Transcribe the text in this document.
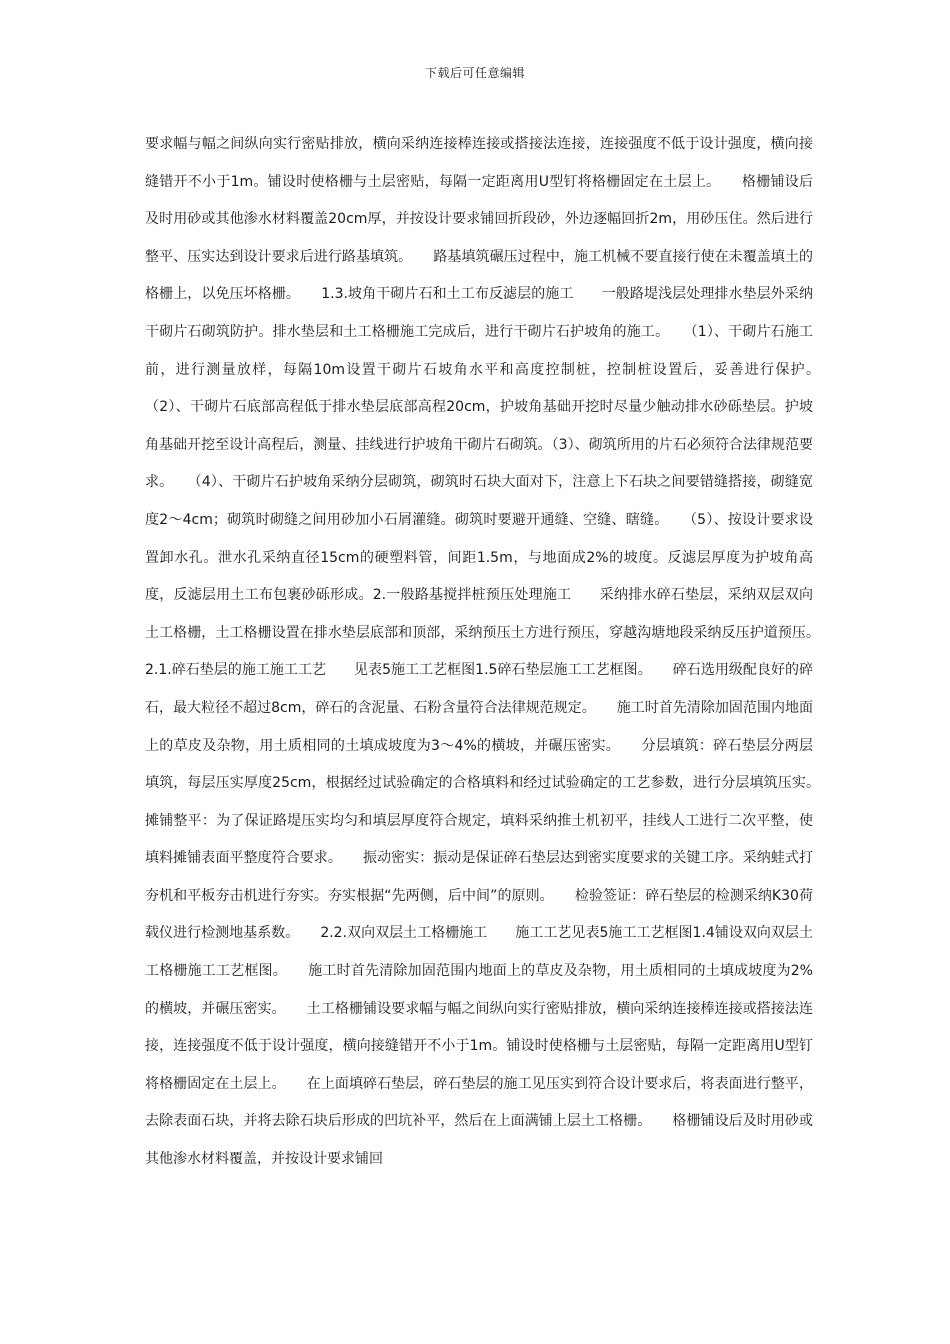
下载后可任意编辑
要求幅与幅之间纵向实行密贴排放，横向采纳连接棒连接或搭接法连接，连接强度不低于设计强度，横向接缝错开不小于1m。铺设时使格栅与土层密贴，每隔一定距离用U型钉将格栅固定在土层上。　　格栅铺设后及时用砂或其他渗水材料覆盖20cm厚，并按设计要求铺回折段砂，外边逐幅回折2m，用砂压住。然后进行整平、压实达到设计要求后进行路基填筑。　　路基填筑碾压过程中，施工机械不要直接行使在未覆盖填土的格栅上，以免压坏格栅。　　1.3.坡角干砌片石和土工布反滤层的施工　　一般路堤浅层处理排水垫层外采纳干砌片石砌筑防护。排水垫层和土工格栅施工完成后，进行干砌片石护坡角的施工。　　（1）、干砌片石施工前，进行测量放样，每隔10m设置干砌片石坡角水平和高度控制桩，控制桩设置后，妥善进行保护。　　（2）、干砌片石底部高程低于排水垫层底部高程20cm，护坡角基础开挖时尽量少触动排水砂砾垫层。护坡角基础开挖至设计高程后，测量、挂线进行护坡角干砌片石砌筑。（3）、砌筑所用的片石必须符合法律规范要求。　　（4）、干砌片石护坡角采纳分层砌筑，砌筑时石块大面对下，注意上下石块之间要错缝搭接，砌缝宽度2～4cm；砌筑时砌缝之间用砂加小石屑灌缝。砌筑时要避开通缝、空缝、瞎缝。　　（5）、按设计要求设置卸水孔。泄水孔采纳直径15cm的硬塑料管，间距1.5m，与地面成2%的坡度。反滤层厚度为护坡角高度，反滤层用土工布包裹砂砾形成。2.一般路基搅拌桩预压处理施工　　采纳排水碎石垫层，采纳双层双向土工格栅，土工格栅设置在排水垫层底部和顶部，采纳预压土方进行预压，穿越沟塘地段采纳反压护道预压。　　2.1.碎石垫层的施工施工工艺　　见表5施工工艺框图1.5碎石垫层施工工艺框图。　　碎石选用级配良好的碎石，最大粒径不超过8cm，碎石的含泥量、石粉含量符合法律规范规定。　　施工时首先清除加固范围内地面上的草皮及杂物，用土质相同的土填成坡度为3～4%的横坡，并碾压密实。　　分层填筑：碎石垫层分两层填筑，每层压实厚度25cm，根据经过试验确定的合格填料和经过试验确定的工艺参数，进行分层填筑压实。　　摊铺整平：为了保证路堤压实均匀和填层厚度符合规定，填料采纳推土机初平，挂线人工进行二次平整，使填料摊铺表面平整度符合要求。　　振动密实：振动是保证碎石垫层达到密实度要求的关键工序。采纳蛙式打夯机和平板夯击机进行夯实。夯实根据“先两侧，后中间”的原则。　　检验签证：碎石垫层的检测采纳K30荷载仪进行检测地基系数。　　2.2.双向双层土工格栅施工　　施工工艺见表5施工工艺框图1.4铺设双向双层土工格栅施工工艺框图。　　施工时首先清除加固范围内地面上的草皮及杂物，用土质相同的土填成坡度为2%的横坡，并碾压密实。　　土工格栅铺设要求幅与幅之间纵向实行密贴排放，横向采纳连接棒连接或搭接法连接，连接强度不低于设计强度，横向接缝错开不小于1m。铺设时使格栅与土层密贴，每隔一定距离用U型钉将格栅固定在土层上。　　在上面填碎石垫层，碎石垫层的施工见压实到符合设计要求后，将表面进行整平，去除表面石块，并将去除石块后形成的凹坑补平，然后在上面满铺上层土工格栅。　　格栅铺设后及时用砂或其他渗水材料覆盖，并按设计要求铺回
